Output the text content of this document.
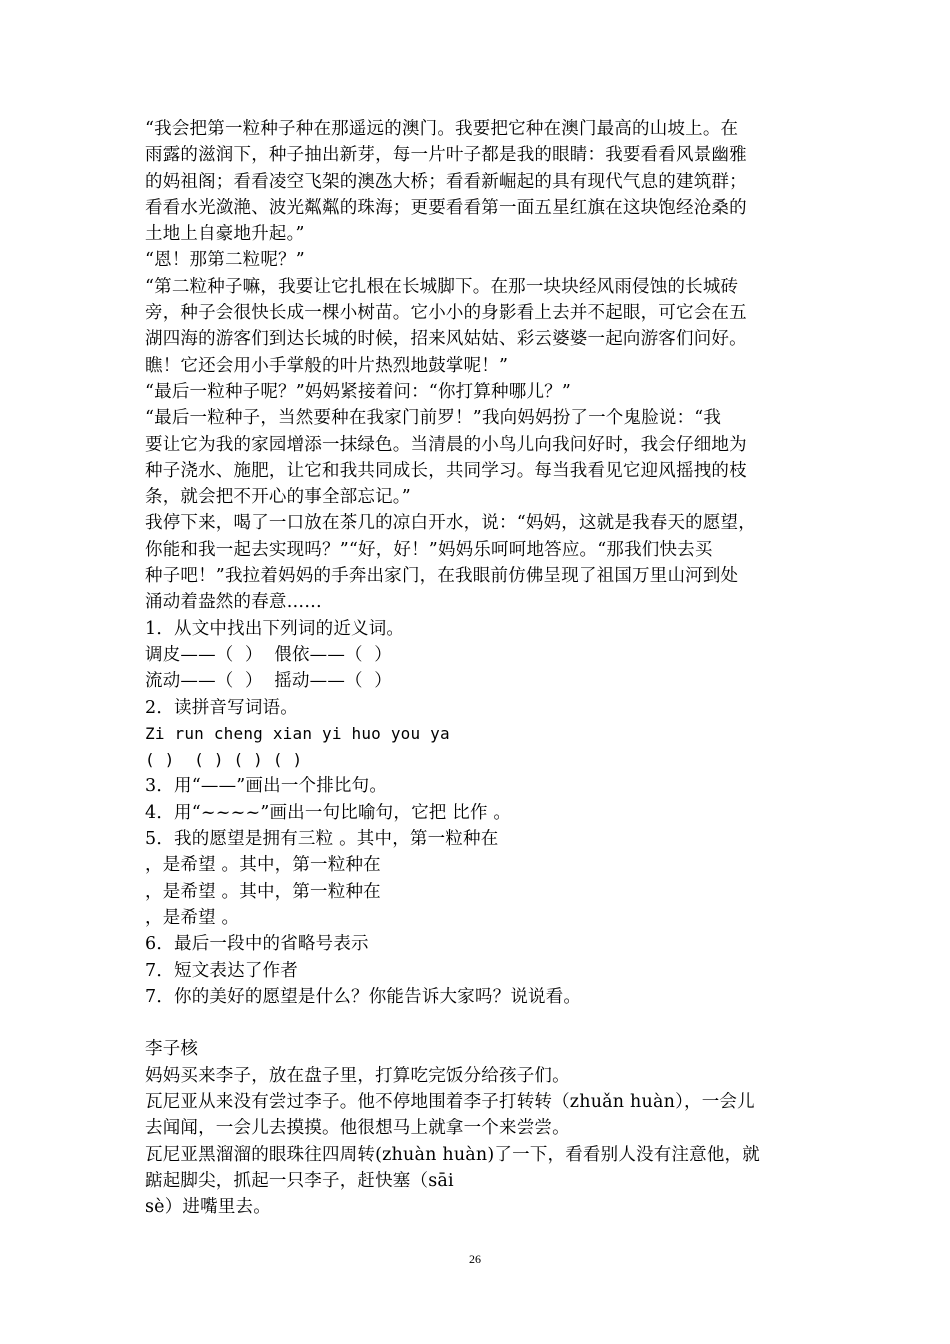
“我会把第一粒种子种在那遥远的澳门。我要把它种在澳门最高的山坡上。在
雨露的滋润下，种子抽出新芽，每一片叶子都是我的眼睛：我要看看风景幽雅
的妈祖阁；看看凌空飞架的澳氹大桥；看看新崛起的具有现代气息的建筑群；
看看水光潋滟、波光粼粼的珠海；更要看看第一面五星红旗在这块饱经沧桑的
土地上自豪地升起。”
“恩！那第二粒呢？”
“第二粒种子嘛，我要让它扎根在长城脚下。在那一块块经风雨侵蚀的长城砖
旁，种子会很快长成一棵小树苗。它小小的身影看上去并不起眼，可它会在五
湖四海的游客们到达长城的时候，招来风姑姑、彩云婆婆一起向游客们问好。
瞧！它还会用小手掌般的叶片热烈地鼓掌呢！”
“最后一粒种子呢？”妈妈紧接着问：“你打算种哪儿？”
“最后一粒种子，当然要种在我家门前罗！”我向妈妈扮了一个鬼脸说：“我
要让它为我的家园增添一抹绿色。当清晨的小鸟儿向我问好时，我会仔细地为
种子浇水、施肥，让它和我共同成长，共同学习。每当我看见它迎风摇拽的枝
条，就会把不开心的事全部忘记。”
我停下来，喝了一口放在茶几的凉白开水，说：“妈妈，这就是我春天的愿望，
你能和我一起去实现吗？”“好，好！”妈妈乐呵呵地答应。“那我们快去买
种子吧！”我拉着妈妈的手奔出家门，在我眼前仿佛呈现了祖国万里山河到处
涌动着盎然的春意……
1．从文中找出下列词的近义词。
调皮——（  ）  偎依——（  ）
流动——（  ）  摇动——（  ）
2．读拼音写词语。
Zi run cheng xian yi huo you ya
( )  ( ) ( ) ( )
3．用“——”画出一个排比句。
4．用“~~~~”画出一句比喻句，它把 比作 。
5．我的愿望是拥有三粒 。其中，第一粒种在
，是希望 。其中，第一粒种在
，是希望 。其中，第一粒种在
，是希望 。
6．最后一段中的省略号表示
7．短文表达了作者
7．你的美好的愿望是什么？你能告诉大家吗？说说看。
李子核
妈妈买来李子，放在盘子里，打算吃完饭分给孩子们。
瓦尼亚从来没有尝过李子。他不停地围着李子打转转（zhuǎn huàn），一会儿
去闻闻，一会儿去摸摸。他很想马上就拿一个来尝尝。
瓦尼亚黑溜溜的眼珠往四周转(zhuàn huàn)了一下，看看别人没有注意他，就
踮起脚尖，抓起一只李子，赶快塞（sāi
sè）进嘴里去。
26
